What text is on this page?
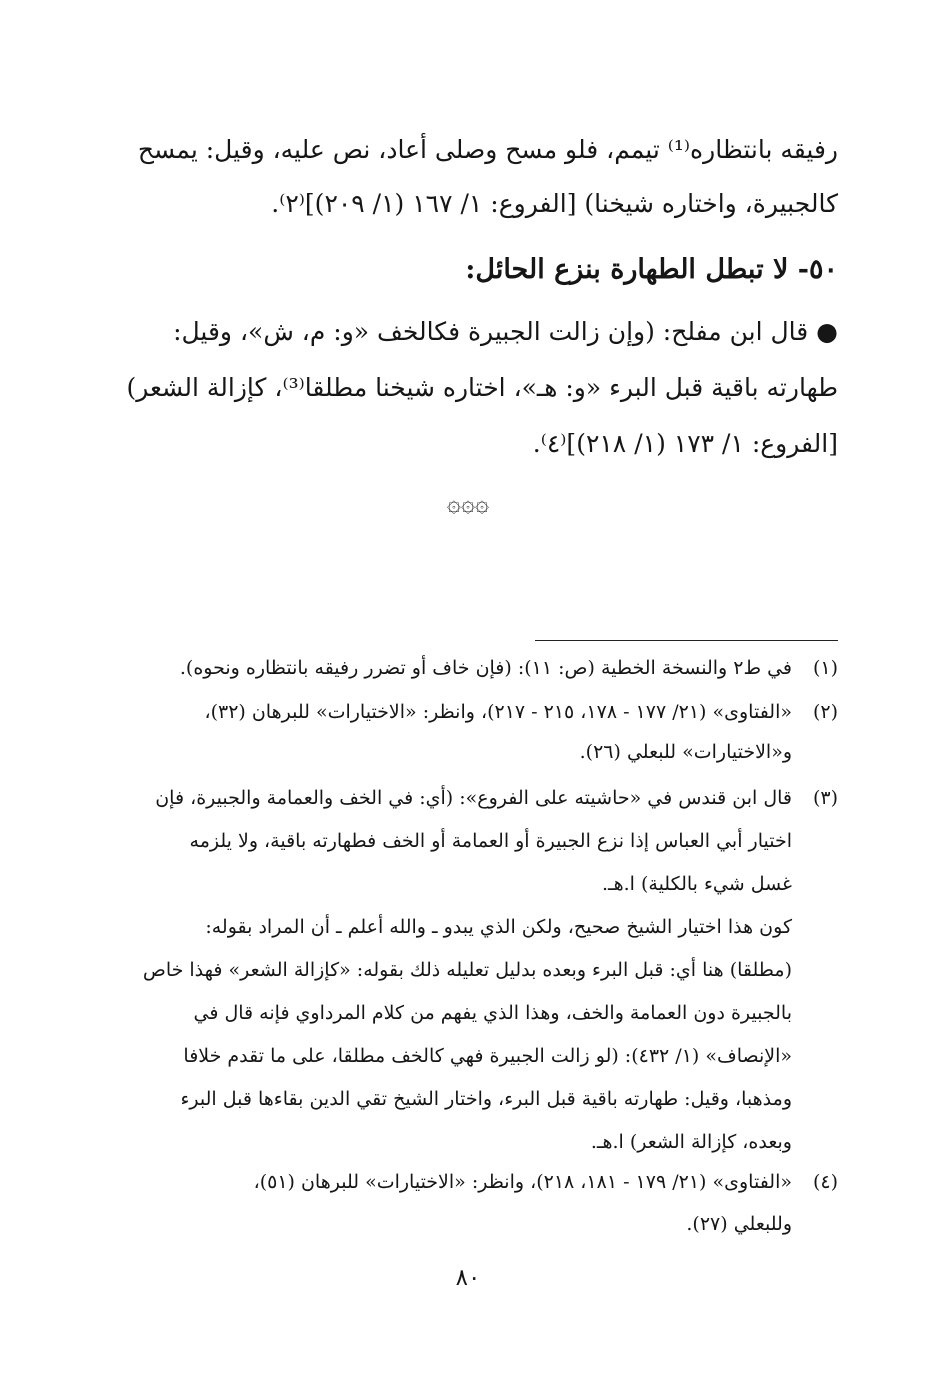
رفيقه بانتظاره⁽¹⁾ تيمم، فلو مسح وصلى أعاد، نص عليه، وقيل: يمسح
كالجبيرة، واختاره شيخنا) [الفروع: ١/ ١٦٧ (١/ ٢٠٩)]⁽٢⁾.
٥٠- لا تبطل الطهارة بنزع الحائل:
● قال ابن مفلح: (وإن زالت الجبيرة فكالخف «و: م، ش»، وقيل:
طهارته باقية قبل البرء «و: هـ»، اختاره شيخنا مطلقا⁽³⁾، كإزالة الشعر)
[الفروع: ١/ ١٧٣ (١/ ٢١٨)]⁽٤⁾.
۞۞۞
(١)
في ط٢ والنسخة الخطية (ص: ١١): (فإن خاف أو تضرر رفيقه بانتظاره ونحوه).
(٢)
«الفتاوى» (٢١/ ١٧٧ - ١٧٨، ٢١٥ - ٢١٧)، وانظر: «الاختيارات» للبرهان (٣٢)،
و«الاختيارات» للبعلي (٢٦).
(٣)
قال ابن قندس في «حاشيته على الفروع»: (أي: في الخف والعمامة والجبيرة، فإن
اختيار أبي العباس إذا نزع الجبيرة أو العمامة أو الخف فطهارته باقية، ولا يلزمه
غسل شيء بالكلية) ا.هـ.
كون هذا اختيار الشيخ صحيح، ولكن الذي يبدو ـ والله أعلم ـ أن المراد بقوله:
(مطلقا) هنا أي: قبل البرء وبعده بدليل تعليله ذلك بقوله: «كإزالة الشعر» فهذا خاص
بالجبيرة دون العمامة والخف، وهذا الذي يفهم من كلام المرداوي فإنه قال في
«الإنصاف» (١/ ٤٣٢): (لو زالت الجبيرة فهي كالخف مطلقا، على ما تقدم خلافا
ومذهبا، وقيل: طهارته باقية قبل البرء، واختار الشيخ تقي الدين بقاءها قبل البرء
وبعده، كإزالة الشعر) ا.هـ.
(٤)
«الفتاوى» (٢١/ ١٧٩ - ١٨١، ٢١٨)، وانظر: «الاختيارات» للبرهان (٥١)،
وللبعلي (٢٧).
٨٠
